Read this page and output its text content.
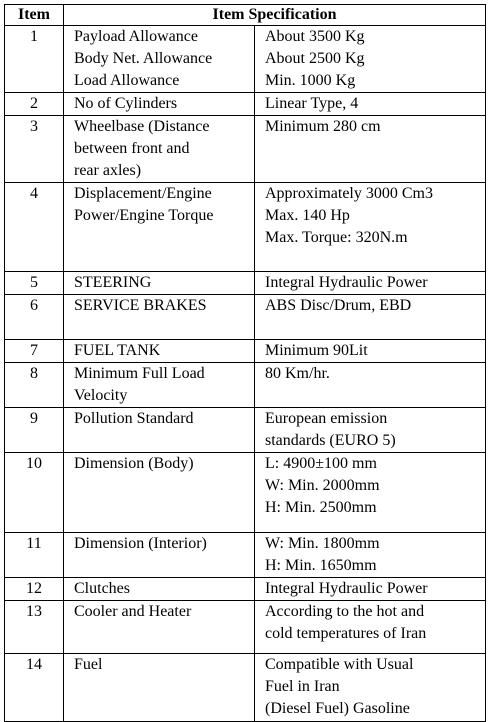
Item	Item Specification	
1	Payload Allowance
Body Net. Allowance
Load Allowance	About 3500 Kg
About 2500 Kg
Min. 1000 Kg

2	No of Cylinders	Linear Type, 4

3	Wheelbase (Distance
between front and
rear axles)	Minimum 280 cm

4	Displacement/Engine
Power/Engine Torque	Approximately 3000 Cm3
Max. 140 Hp
Max. Torque: 320N.m

5	STEERING	Integral Hydraulic Power

6	SERVICE BRAKES	ABS Disc/Drum, EBD

7	FUEL TANK	Minimum 90Lit

8	Minimum Full Load
Velocity	80 Km/hr.

9	Pollution Standard	European emission
standards (EURO 5)

10	Dimension (Body)	L: 4900±100 mm
W: Min. 2000mm
H: Min. 2500mm

11	Dimension (Interior)	W: Min. 1800mm
H: Min. 1650mm

12	Clutches	Integral Hydraulic Power

13	Cooler and Heater	According to the hot and
cold temperatures of Iran

14	Fuel	Compatible with Usual
Fuel in Iran
(Diesel Fuel) Gasoline
